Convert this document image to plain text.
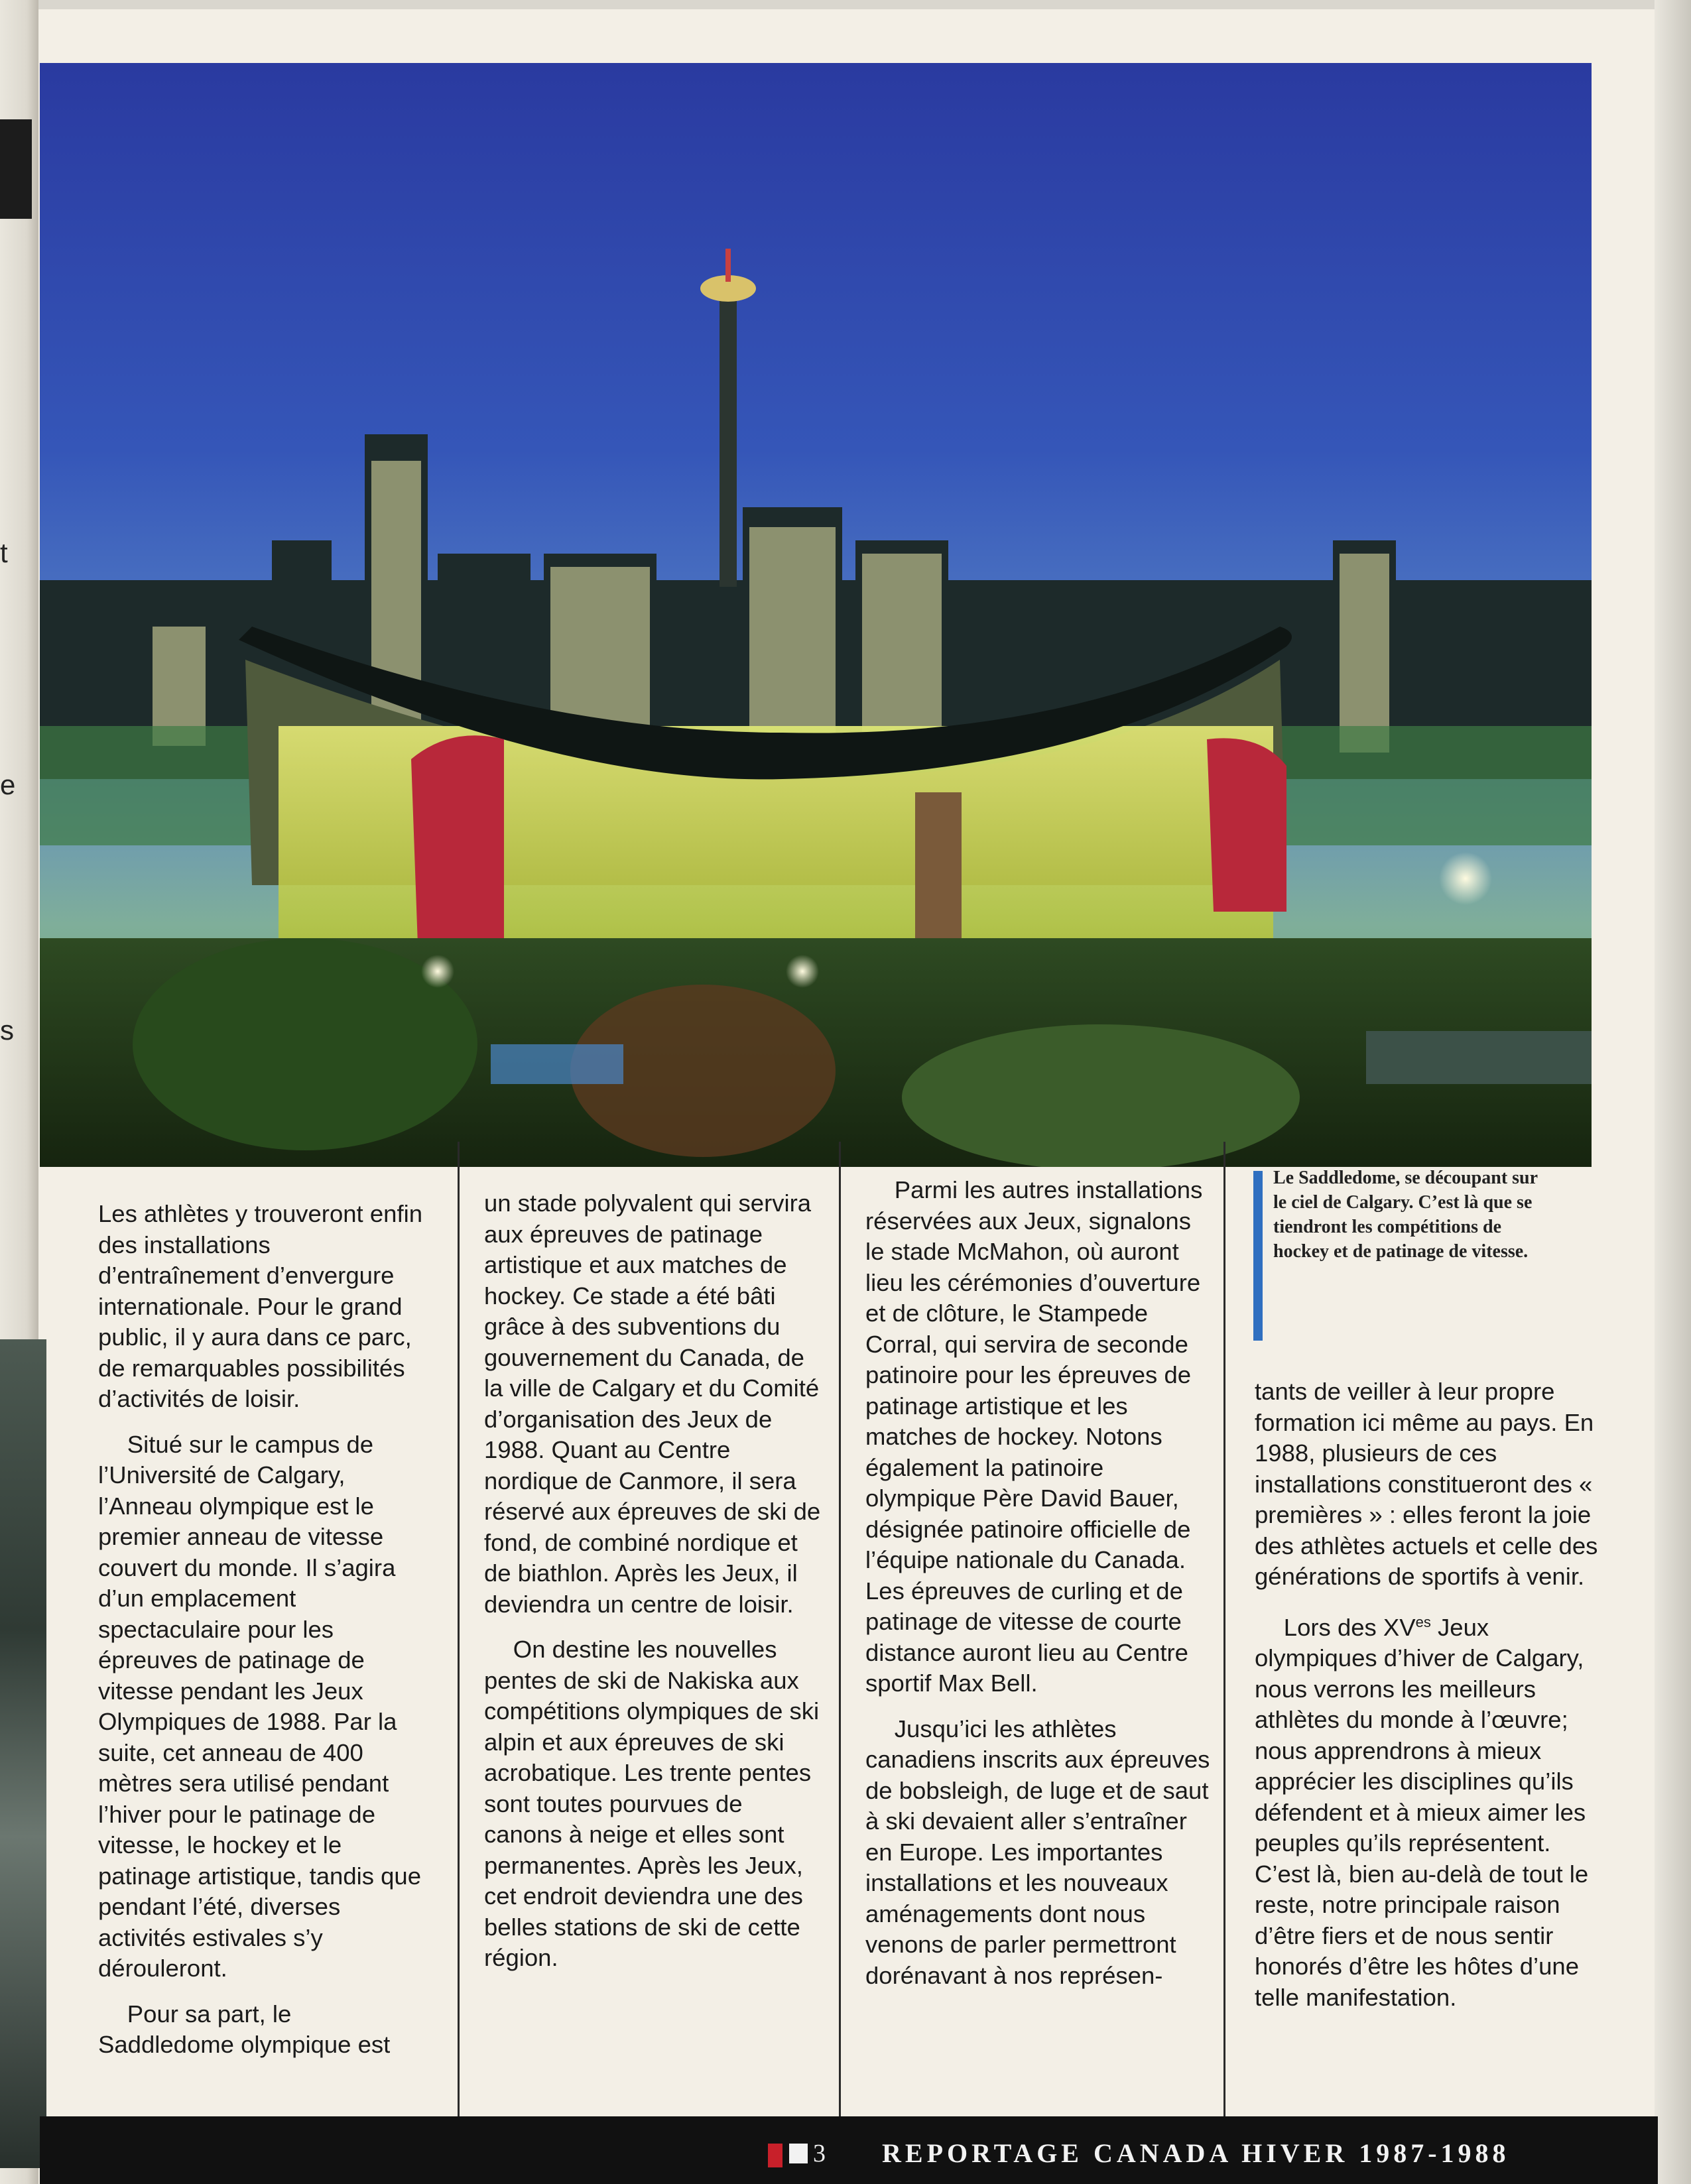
t
e
s

Les athlètes y trouveront enfin des installations d’entraînement d’envergure internationale. Pour le grand public, il y aura dans ce parc, de remarquables possibilités d’activités de loisir.

Situé sur le campus de l’Université de Calgary, l’Anneau olympique est le premier anneau de vitesse couvert du monde. Il s’agira d’un emplacement spectaculaire pour les épreuves de patinage de vitesse pendant les Jeux Olympiques de 1988. Par la suite, cet anneau de 400 mètres sera utilisé pendant l’hiver pour le patinage de vitesse, le hockey et le patinage artistique, tandis que pendant l’été, diverses activités estivales s’y dérouleront.

Pour sa part, le Saddledome olympique est

un stade polyvalent qui servira aux épreuves de patinage artistique et aux matches de hockey. Ce stade a été bâti grâce à des subventions du gouvernement du Canada, de la ville de Calgary et du Comité d’organisation des Jeux de 1988. Quant au Centre nordique de Canmore, il sera réservé aux épreuves de ski de fond, de combiné nordique et de biathlon. Après les Jeux, il deviendra un centre de loisir.

On destine les nouvelles pentes de ski de Nakiska aux compétitions olympiques de ski alpin et aux épreuves de ski acrobatique. Les trente pentes sont toutes pourvues de canons à neige et elles sont permanentes. Après les Jeux, cet endroit deviendra une des belles stations de ski de cette région.

Parmi les autres installations réservées aux Jeux, signalons le stade McMahon, où auront lieu les cérémonies d’ouverture et de clôture, le Stampede Corral, qui servira de seconde patinoire pour les épreuves de patinage artistique et les matches de hockey. Notons également la patinoire olympique Père David Bauer, désignée patinoire officielle de l’équipe nationale du Canada. Les épreuves de curling et de patinage de vitesse de courte distance auront lieu au Centre sportif Max Bell.

Jusqu’ici les athlètes canadiens inscrits aux épreuves de bobsleigh, de luge et de saut à ski devaient aller s’entraîner en Europe. Les importantes installations et les nouveaux aménagements dont nous venons de parler permettront dorénavant à nos représen-

Le Saddledome, se découpant sur le ciel de Calgary. C’est là que se tiendront les compétitions de hockey et de patinage de vitesse.

tants de veiller à leur propre formation ici même au pays. En 1988, plusieurs de ces installations constitueront des « premières » : elles feront la joie des athlètes actuels et celle des générations de sportifs à venir.

Lors des $XV^{es}$ Jeux olympiques d’hiver de Calgary, nous verrons les meilleurs athlètes du monde à l’œuvre; nous apprendrons à mieux apprécier les disciplines qu’ils défendent et à mieux aimer les peuples qu’ils représentent. C’est là, bien au-delà de tout le reste, notre principale raison d’être fiers et de nous sentir honorés d’être les hôtes d’une telle manifestation.

3 REPORTAGE CANADA HIVER 1987-1988
